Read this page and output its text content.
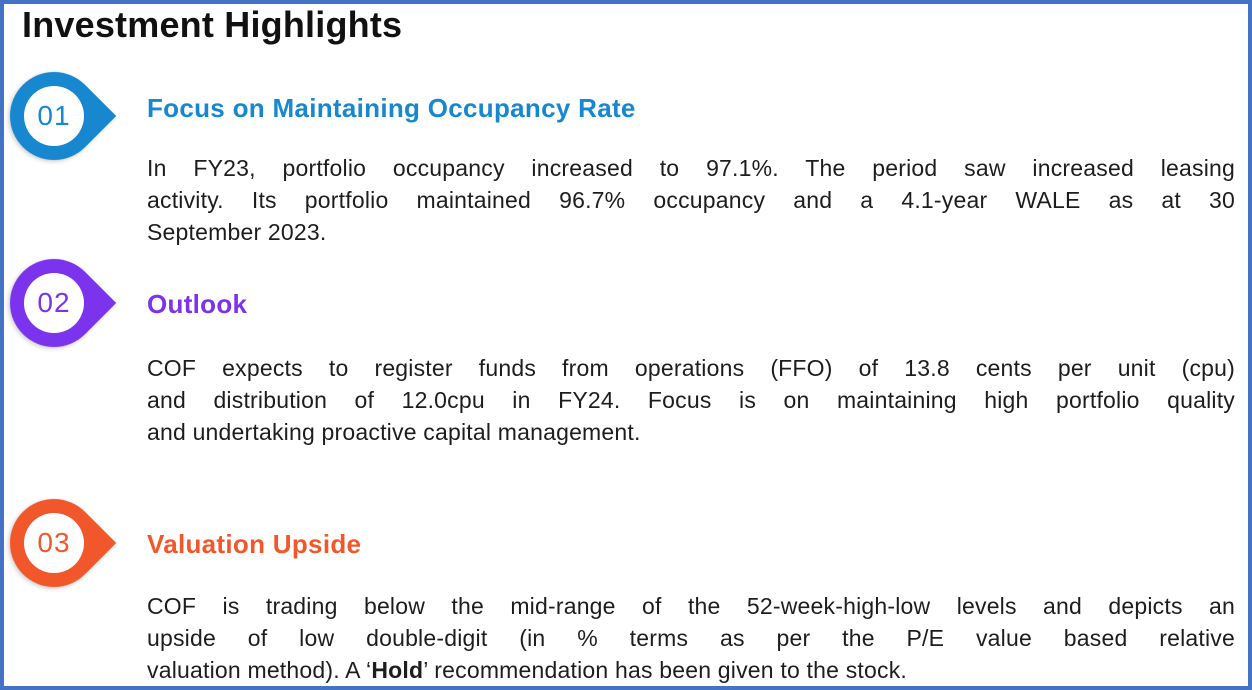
Investment Highlights
01	Focus on Maintaining Occupancy Rate
In FY23, portfolio occupancy increased to 97.1%. The period saw increased leasing
activity. Its portfolio maintained 96.7% occupancy and a 4.1-year WALE as at 30
September 2023.
02	Outlook
COF expects to register funds from operations (FFO) of 13.8 cents per unit (cpu)
and distribution of 12.0cpu in FY24. Focus is on maintaining high portfolio quality
and undertaking proactive capital management.
03	Valuation Upside
COF is trading below the mid-range of the 52-week-high-low levels and depicts an
upside of low double-digit (in % terms as per the P/E value based relative
valuation method). A ‘Hold’ recommendation has been given to the stock.
